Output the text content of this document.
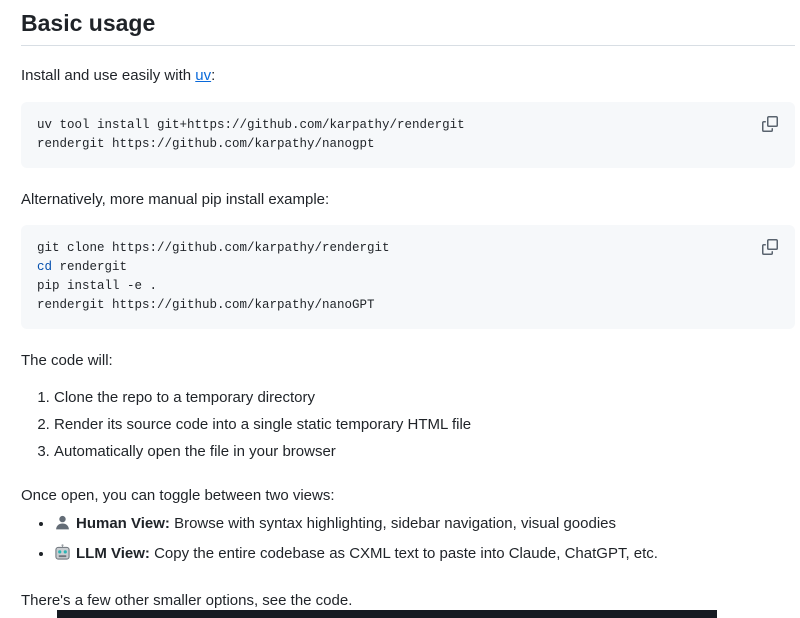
Basic usage

Install and use easily with uv:

uv tool install git+https://github.com/karpathy/rendergit
rendergit https://github.com/karpathy/nanogpt

Alternatively, more manual pip install example:

git clone https://github.com/karpathy/rendergit
cd rendergit
pip install -e .
rendergit https://github.com/karpathy/nanoGPT

The code will:

1. Clone the repo to a temporary directory
2. Render its source code into a single static temporary HTML file
3. Automatically open the file in your browser

Once open, you can toggle between two views:

• Human View: Browse with syntax highlighting, sidebar navigation, visual goodies
• LLM View: Copy the entire codebase as CXML text to paste into Claude, ChatGPT, etc.

There's a few other smaller options, see the code.
